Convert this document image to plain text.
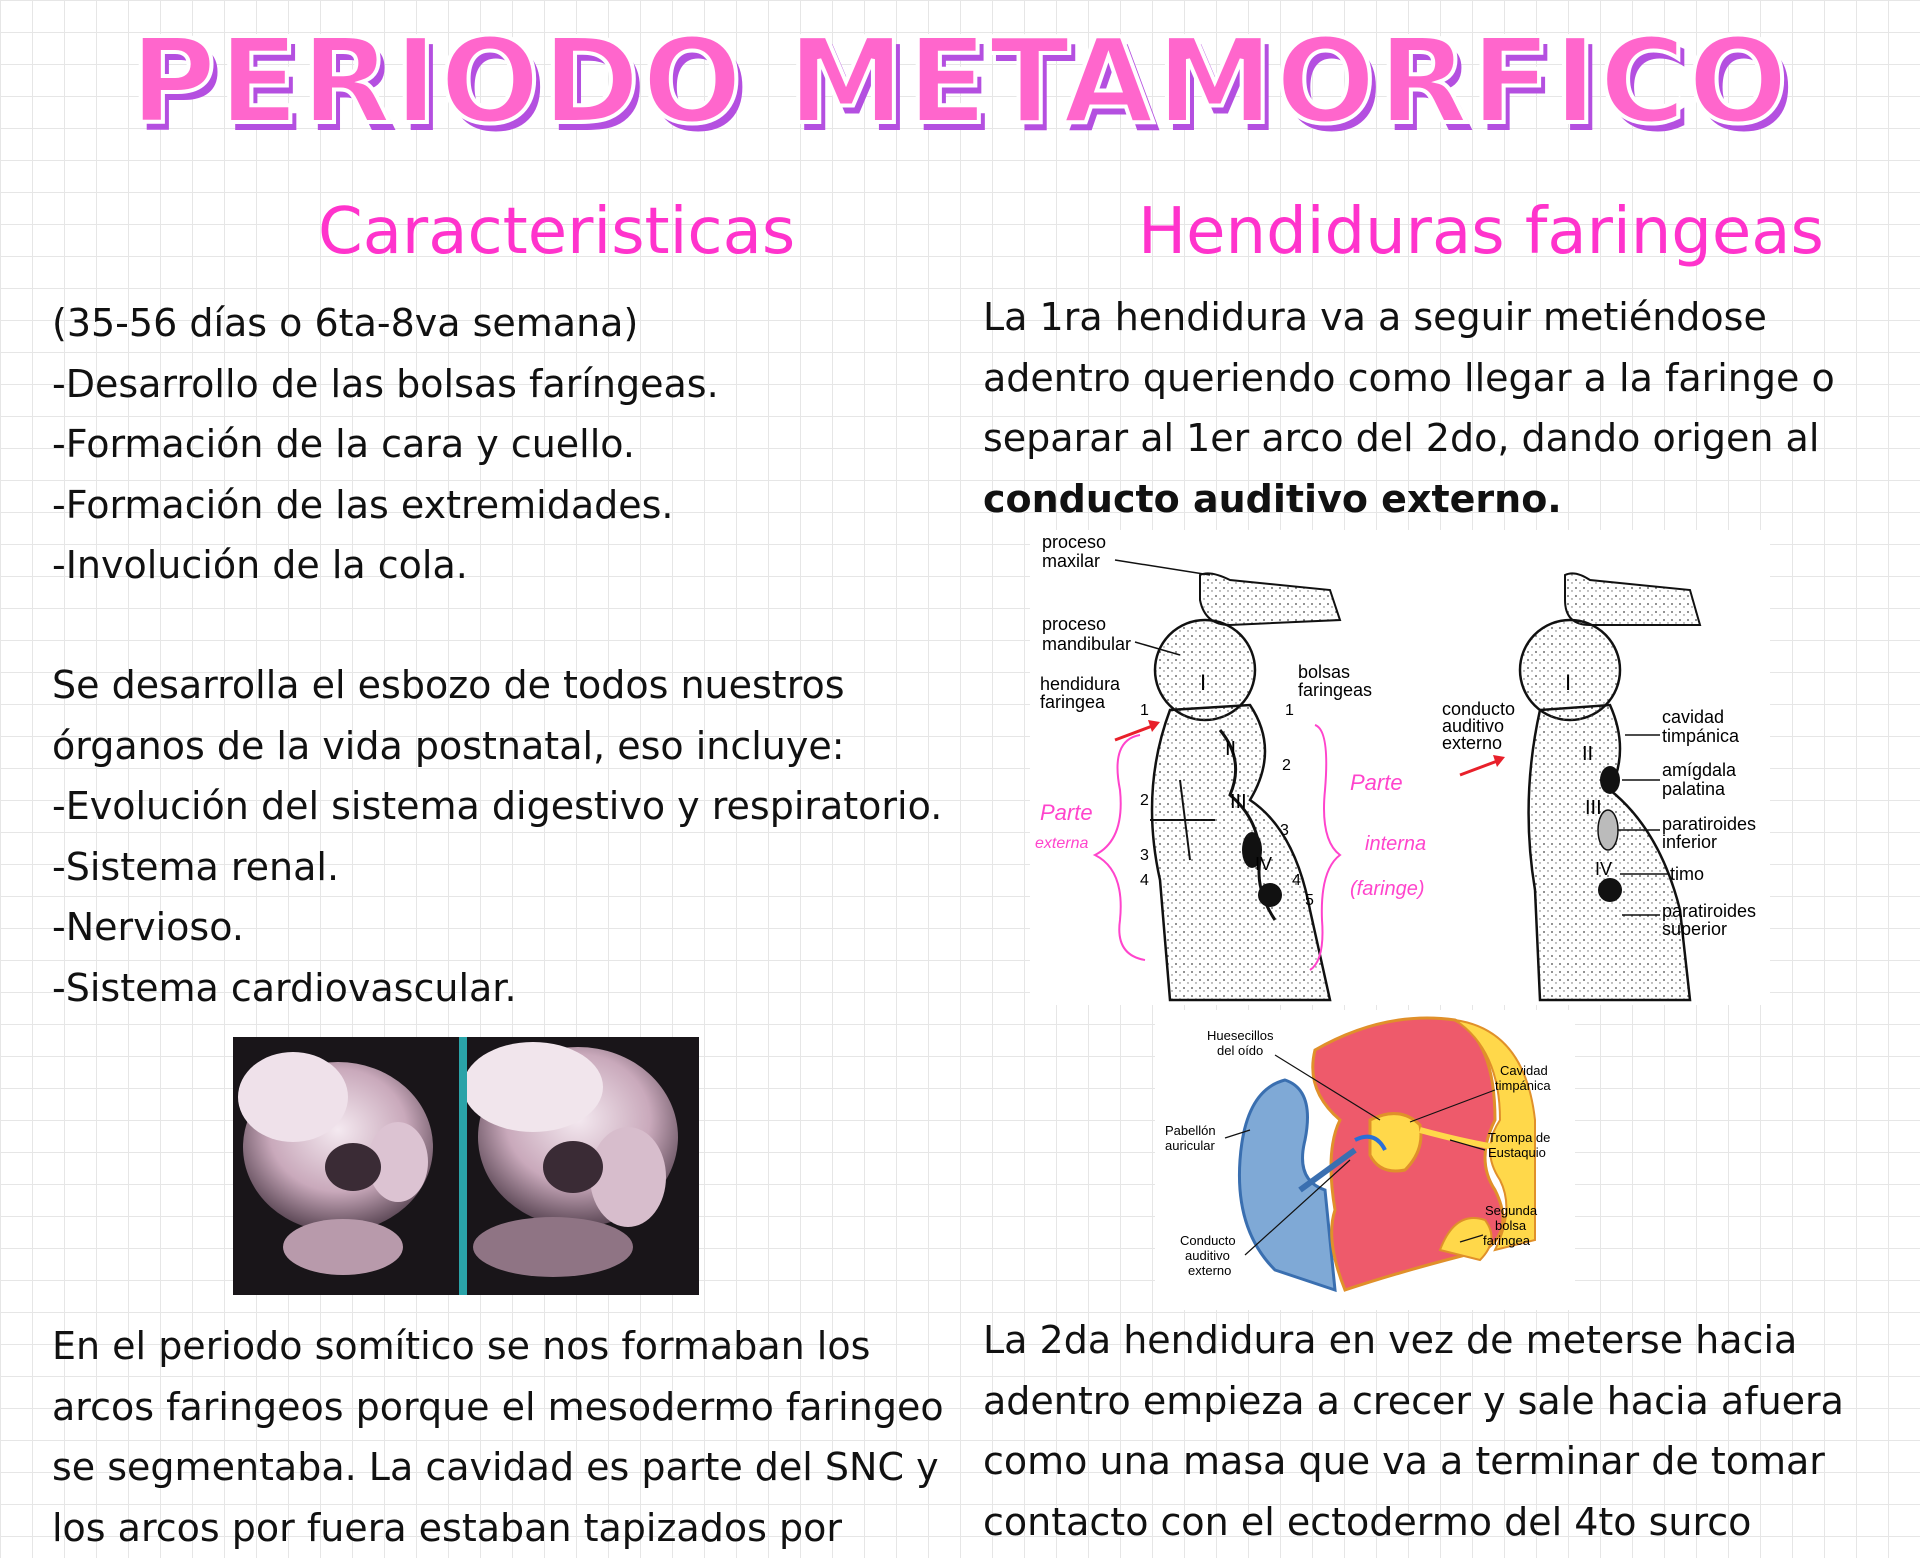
PERIODO METAMORFICO
Caracteristicas
(35-56 días o 6ta-8va semana)
-Desarrollo de las bolsas faríngeas.
-Formación de la cara y cuello.
-Formación de las extremidades.
-Involución de la cola.
Se desarrolla el esbozo de todos nuestros
órganos de la vida postnatal, eso incluye:
-Evolución del sistema digestivo y respiratorio.
-Sistema renal.
-Nervioso.
-Sistema cardiovascular.
En el periodo somítico se nos formaban los
arcos faringeos porque el mesodermo faringeo
se segmentaba. La cavidad es parte del SNC y
los arcos por fuera estaban tapizados por
Hendiduras faringeas
La 1ra hendidura va a seguir metiéndose
adentro queriendo como llegar a la faringe o
separar al 1er arco del 2do, dando origen al
conducto auditivo externo.
I
II
III
IV
I
II
III
IV
1
2
3
4
1
2
3
4
5
proceso
maxilar
proceso
mandibular
hendidura
faringea
bolsas
faringeas
conducto
auditivo
externo
cavidad
timpánica
amígdala
palatina
paratiroides
inferior
timo
paratiroides
superior
Parte
externa
Parte
interna
(faringe)
Huesecillos
del oído
Cavidad
timpánica
Pabellón
auricular
Trompa de
Eustaquio
Segunda
bolsa
faringea
Conducto
auditivo
externo
La 2da hendidura en vez de meterse hacia
adentro empieza a crecer y sale hacia afuera
como una masa que va a terminar de tomar
contacto con el ectodermo del 4to surco
